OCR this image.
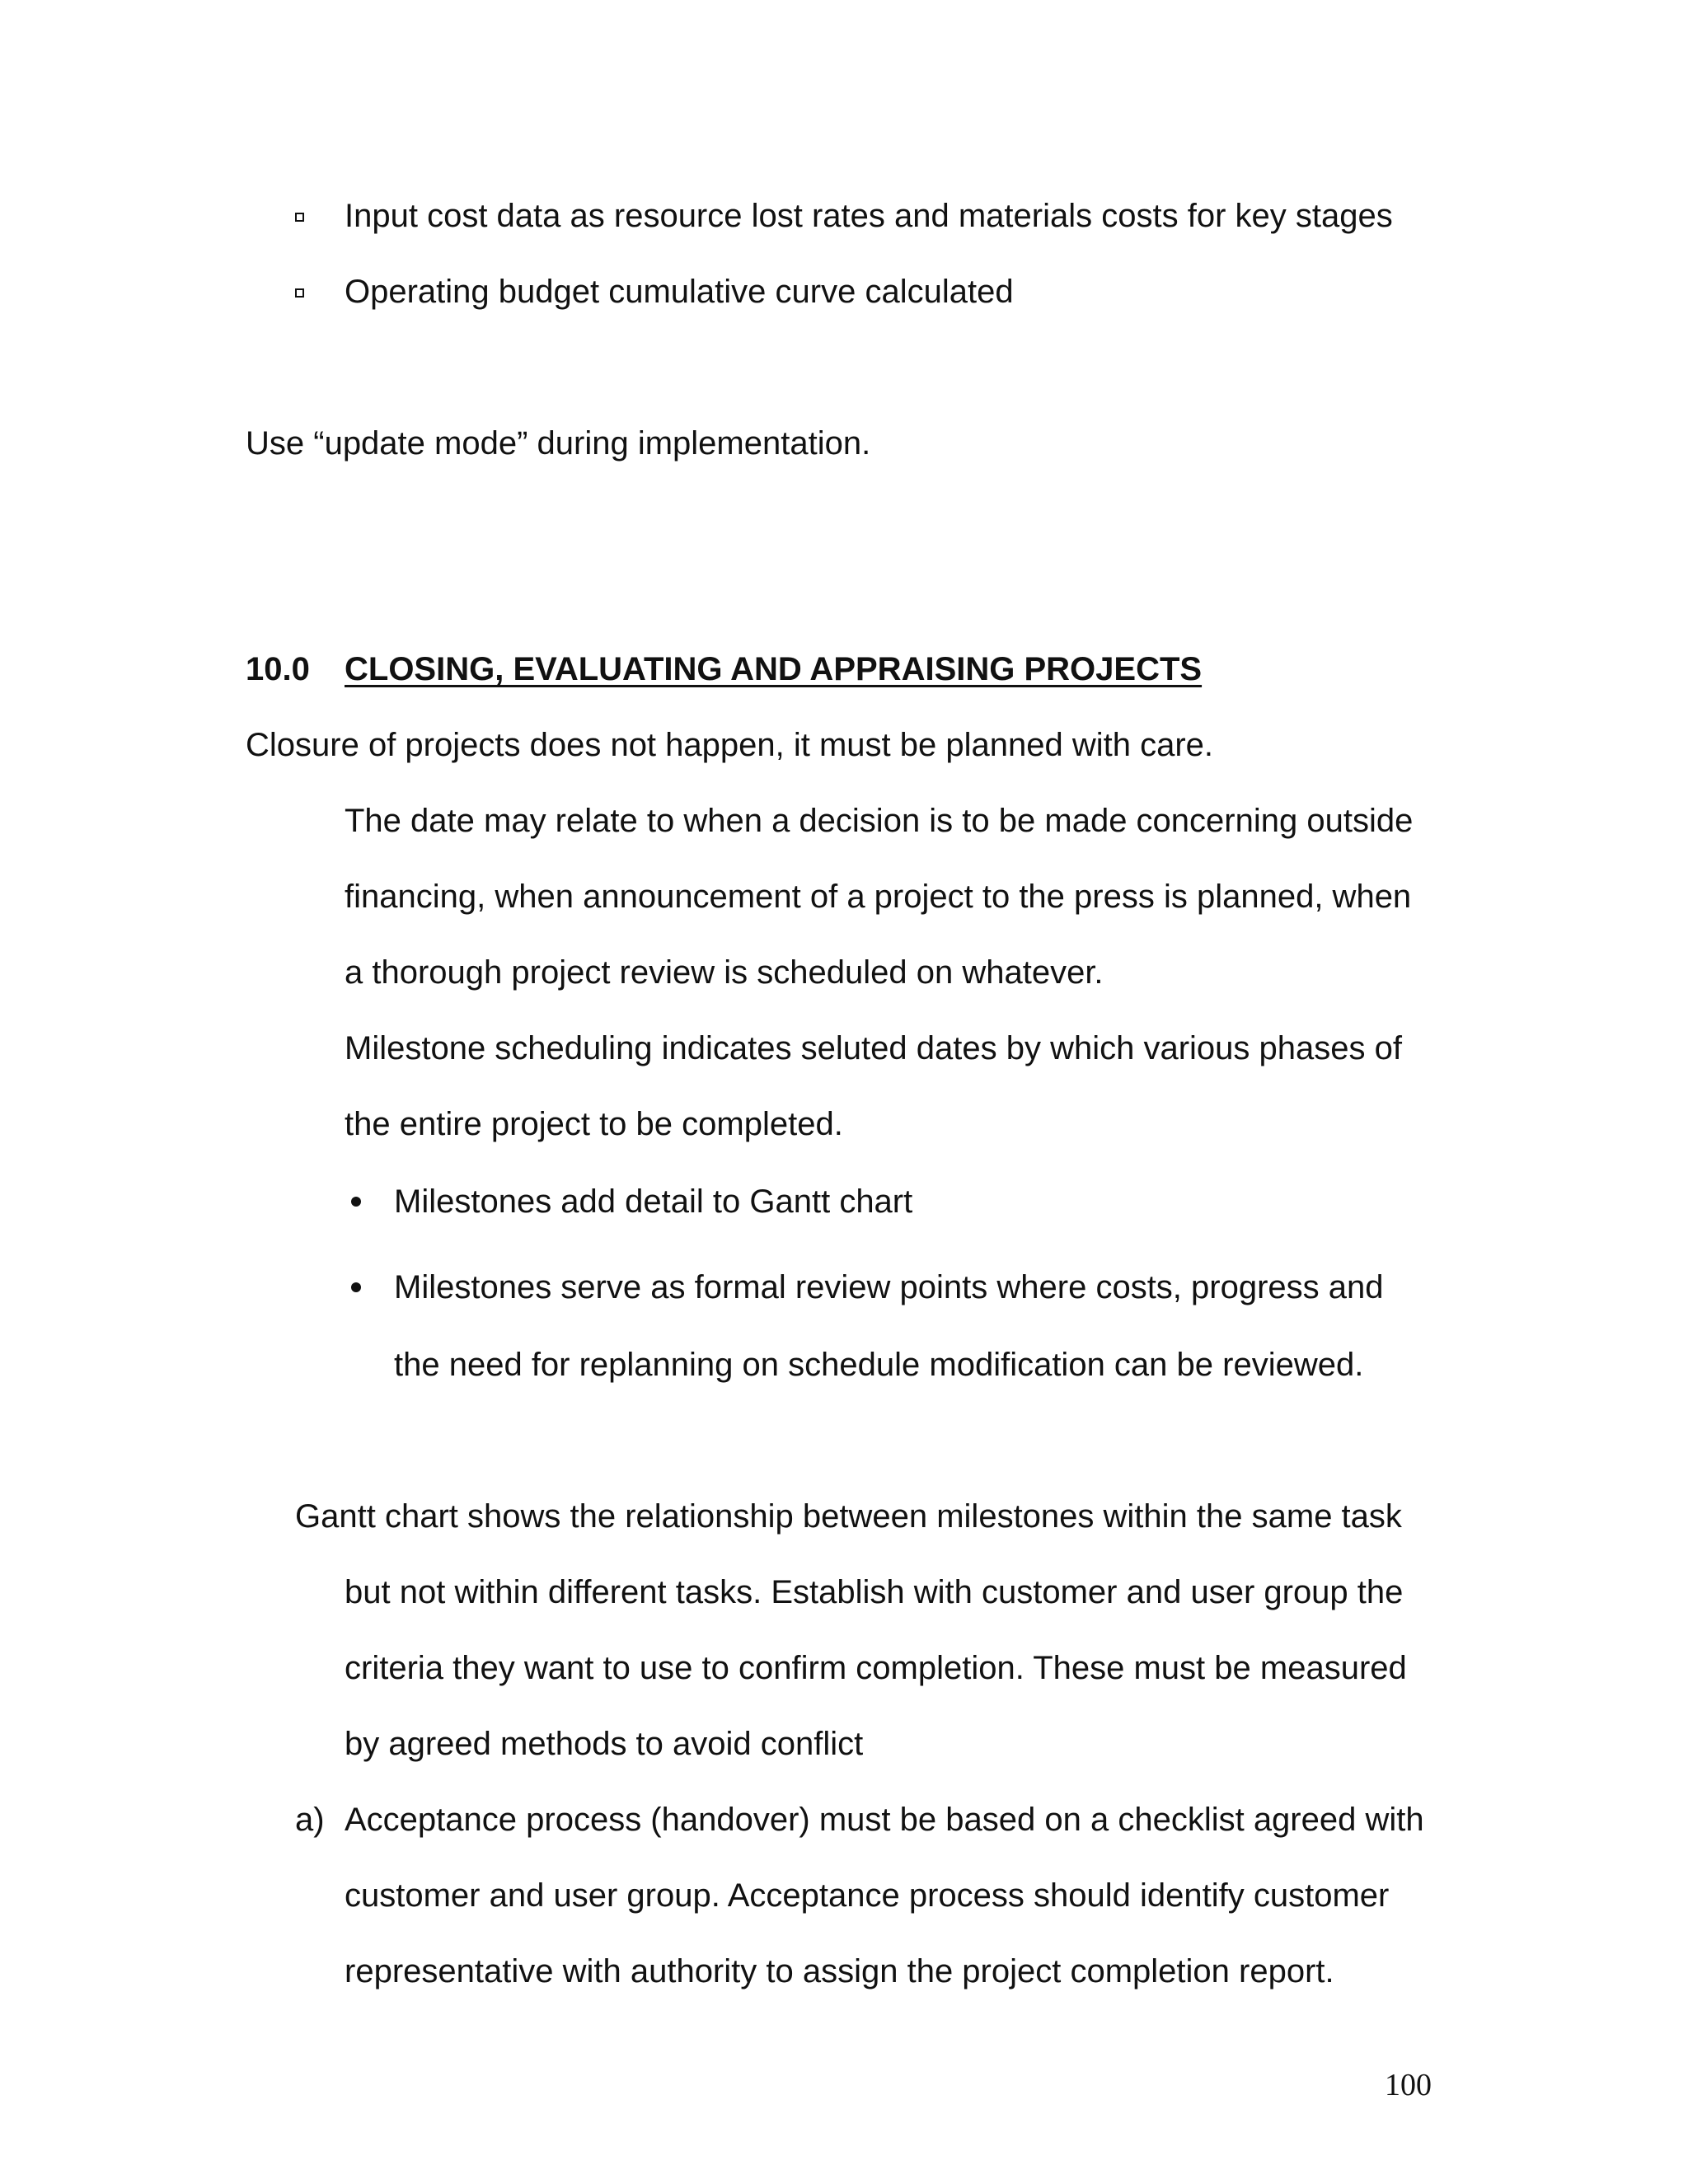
Input cost data as resource lost rates and materials costs for key stages

Operating budget cumulative curve calculated

Use “update mode” during implementation.

10.0 CLOSING, EVALUATING AND APPRAISING PROJECTS

Closure of projects does not happen, it must be planned with care.

The date may relate to when a decision is to be made concerning outside

financing, when announcement of a project to the press is planned, when

a thorough project review is scheduled on whatever.

Milestone scheduling indicates seluted dates by which various phases of

the entire project to be completed.

Milestones add detail to Gantt chart

Milestones serve as formal review points where costs, progress and

the need for replanning on schedule modification can be reviewed.

Gantt chart shows the relationship between milestones within the same task

but not within different tasks. Establish with customer and user group the

criteria they want to use to confirm completion. These must be measured

by agreed methods to avoid conflict

a) Acceptance process (handover) must be based on a checklist agreed with

customer and user group. Acceptance process should identify customer

representative with authority to assign the project completion report.

100
